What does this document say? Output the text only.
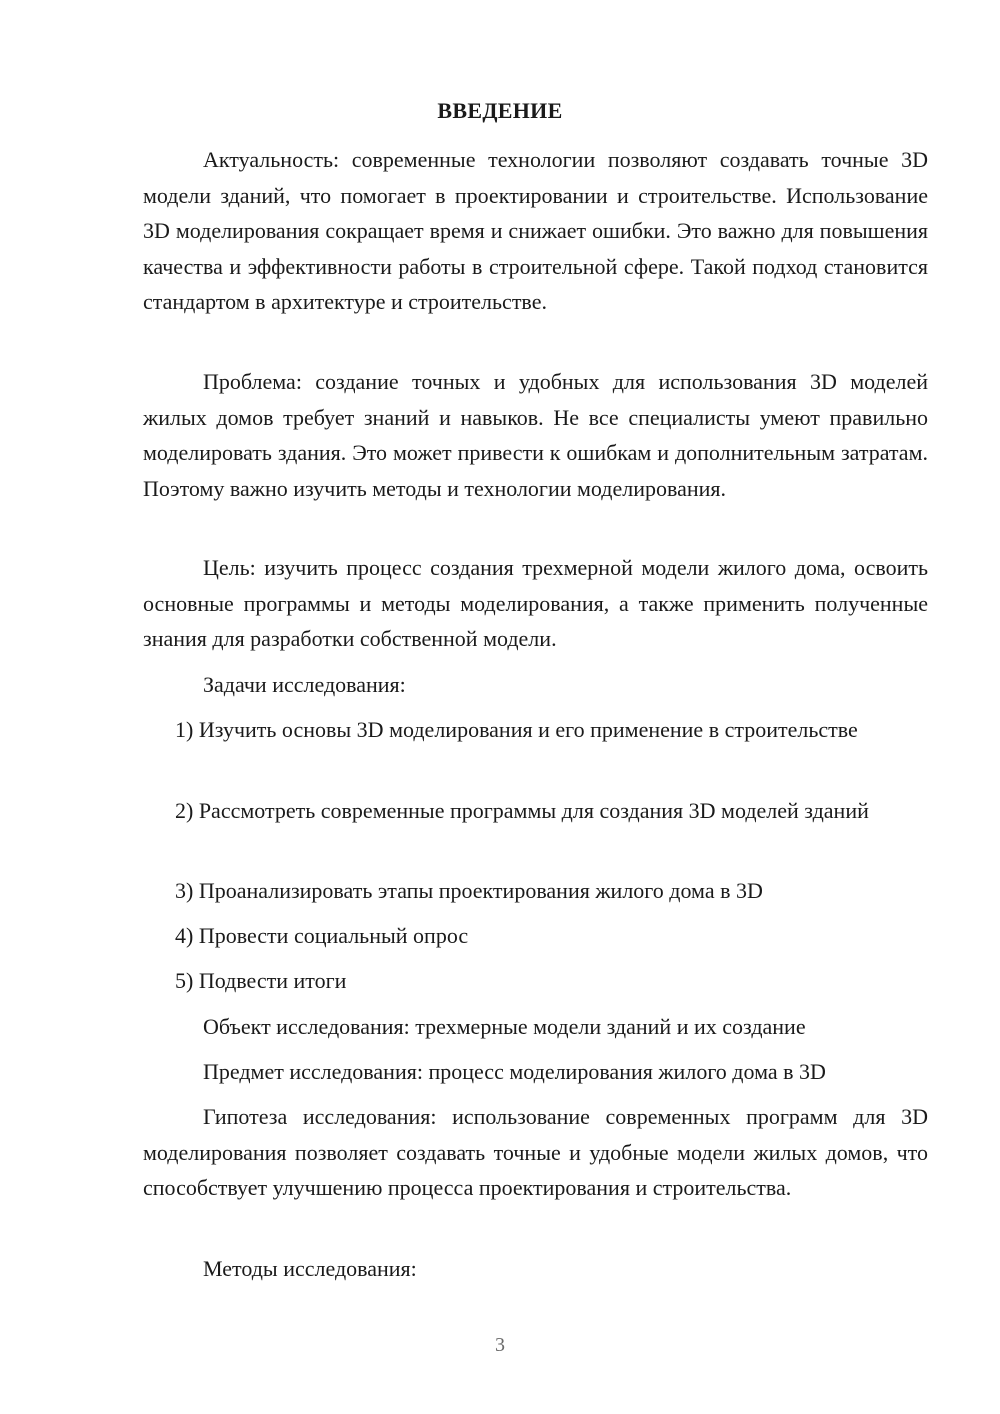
ВВЕДЕНИЕ

Актуальность: современные технологии позволяют создавать точные 3D модели зданий, что помогает в проектировании и строительстве. Использование 3D моделирования сокращает время и снижает ошибки. Это важно для повышения качества и эффективности работы в строительной сфере. Такой подход становится стандартом в архитектуре и строительстве.

Проблема: создание точных и удобных для использования 3D моделей жилых домов требует знаний и навыков. Не все специалисты умеют правильно моделировать здания. Это может привести к ошибкам и дополнительным затратам. Поэтому важно изучить методы и технологии моделирования.

Цель: изучить процесс создания трехмерной модели жилого дома, освоить основные программы и методы моделирования, а также применить полученные знания для разработки собственной модели.

Задачи исследования:

1) Изучить основы 3D моделирования и его применение в строительстве

2) Рассмотреть современные программы для создания 3D моделей зданий

3) Проанализировать этапы проектирования жилого дома в 3D

4) Провести социальный опрос

5) Подвести итоги

Объект исследования: трехмерные модели зданий и их создание

Предмет исследования: процесс моделирования жилого дома в 3D

Гипотеза исследования: использование современных программ для 3D моделирования позволяет создавать точные и удобные модели жилых домов, что способствует улучшению процесса проектирования и строительства.

Методы исследования:

3
